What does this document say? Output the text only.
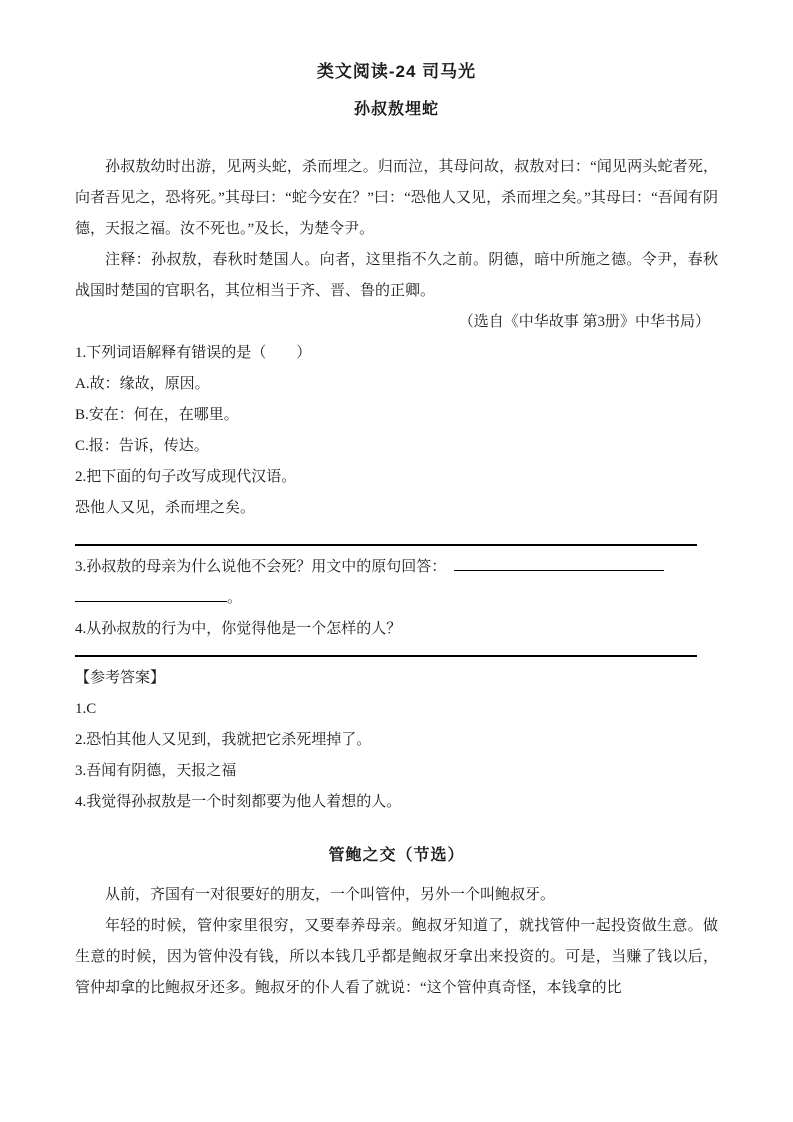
类文阅读-24 司马光
孙叔敖埋蛇

孙叔敖幼时出游，见两头蛇，杀而埋之。归而泣，其母问故，叔敖对曰：“闻见两头蛇者死，向者吾见之，恐将死。”其母曰：“蛇今安在？”曰：“恐他人又见，杀而埋之矣。”其母曰：“吾闻有阴德，天报之福。汝不死也。”及长，为楚令尹。

注释：孙叔敖，春秋时楚国人。向者，这里指不久之前。阴德，暗中所施之德。令尹，春秋战国时楚国的官职名，其位相当于齐、晋、鲁的正卿。

（选自《中华故事 第3册》中华书局）

1.下列词语解释有错误的是（　　）

A.故：缘故，原因。

B.安在：何在，在哪里。

C.报：告诉，传达。

2.把下面的句子改写成现代汉语。

恐他人又见，杀而埋之矣。

3.孙叔敖的母亲为什么说他不会死？用文中的原句回答：

。

4.从孙叔敖的行为中，你觉得他是一个怎样的人？

【参考答案】

1.C

2.恐怕其他人又见到，我就把它杀死埋掉了。

3.吾闻有阴德，天报之福

4.我觉得孙叔敖是一个时刻都要为他人着想的人。

管鲍之交（节选）

从前，齐国有一对很要好的朋友，一个叫管仲，另外一个叫鲍叔牙。

年轻的时候，管仲家里很穷，又要奉养母亲。鲍叔牙知道了，就找管仲一起投资做生意。做生意的时候，因为管仲没有钱，所以本钱几乎都是鲍叔牙拿出来投资的。可是，当赚了钱以后，管仲却拿的比鲍叔牙还多。鲍叔牙的仆人看了就说：“这个管仲真奇怪，本钱拿的比
